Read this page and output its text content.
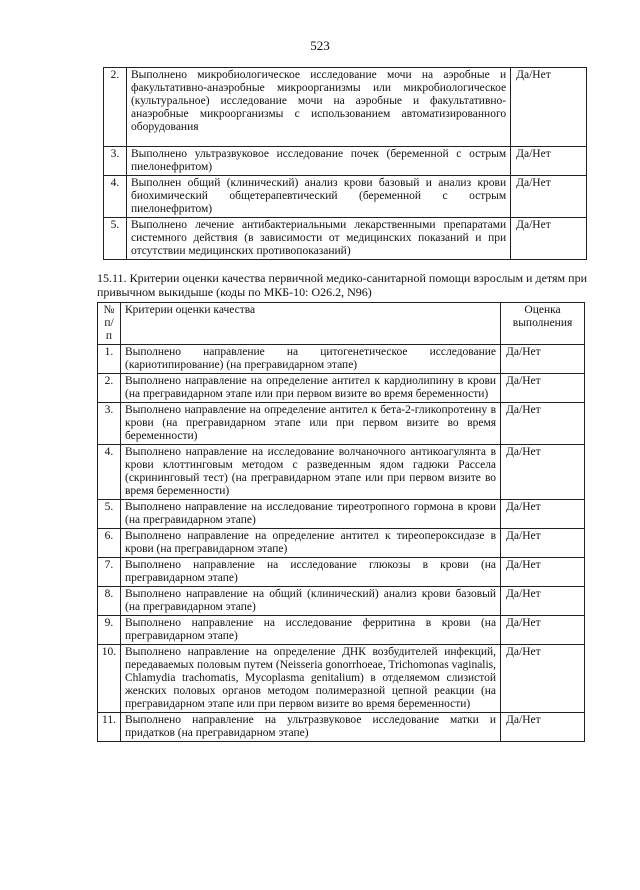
523
2.	Выполнено микробиологическое исследование мочи на аэробные и факультативно-анаэробные микроорганизмы или микробиологическое (культуральное) исследование мочи на аэробные и факультативно-анаэробные микроорганизмы с использованием автоматизированного оборудования	Да/Нет
3.	Выполнено ультразвуковое исследование почек (беременной с острым пиелонефритом)	Да/Нет
4.	Выполнен общий (клинический) анализ крови базовый и анализ крови биохимический общетерапевтический (беременной с острым пиелонефритом)	Да/Нет
5.	Выполнено лечение антибактериальными лекарственными препаратами системного действия (в зависимости от медицинских показаний и при отсутствии медицинских противопоказаний)	Да/Нет
15.11. Критерии оценки качества первичной медико-санитарной помощи взрослым и детям при привычном выкидыше (коды по МКБ-10: O26.2, N96)
№ п/п	Критерии оценки качества	Оценка выполнения
1.	Выполнено направление на цитогенетическое исследование (кариотипирование) (на прегравидарном этапе)	Да/Нет
2.	Выполнено направление на определение антител к кардиолипину в крови (на прегравидарном этапе или при первом визите во время беременности)	Да/Нет
3.	Выполнено направление на определение антител к бета-2-гликопротеину в крови (на прегравидарном этапе или при первом визите во время беременности)	Да/Нет
4.	Выполнено направление на исследование волчаночного антикоагулянта в крови клоттинговым методом с разведенным ядом гадюки Рассела (скрининговый тест) (на прегравидарном этапе или при первом визите во время беременности)	Да/Нет
5.	Выполнено направление на исследование тиреотропного гормона в крови (на прегравидарном этапе)	Да/Нет
6.	Выполнено направление на определение антител к тиреопероксидазе в крови (на прегравидарном этапе)	Да/Нет
7.	Выполнено направление на исследование глюкозы в крови (на прегравидарном этапе)	Да/Нет
8.	Выполнено направление на общий (клинический) анализ крови базовый (на прегравидарном этапе)	Да/Нет
9.	Выполнено направление на исследование ферритина в крови (на прегравидарном этапе)	Да/Нет
10.	Выполнено направление на определение ДНК возбудителей инфекций, передаваемых половым путем (Neisseria gonorrhoeae, Trichomonas vaginalis, Chlamydia trachomatis, Mycoplasma genitalium) в отделяемом слизистой женских половых органов методом полимеразной цепной реакции (на прегравидарном этапе или при первом визите во время беременности)	Да/Нет
11.	Выполнено направление на ультразвуковое исследование матки и придатков (на прегравидарном этапе)	Да/Нет
